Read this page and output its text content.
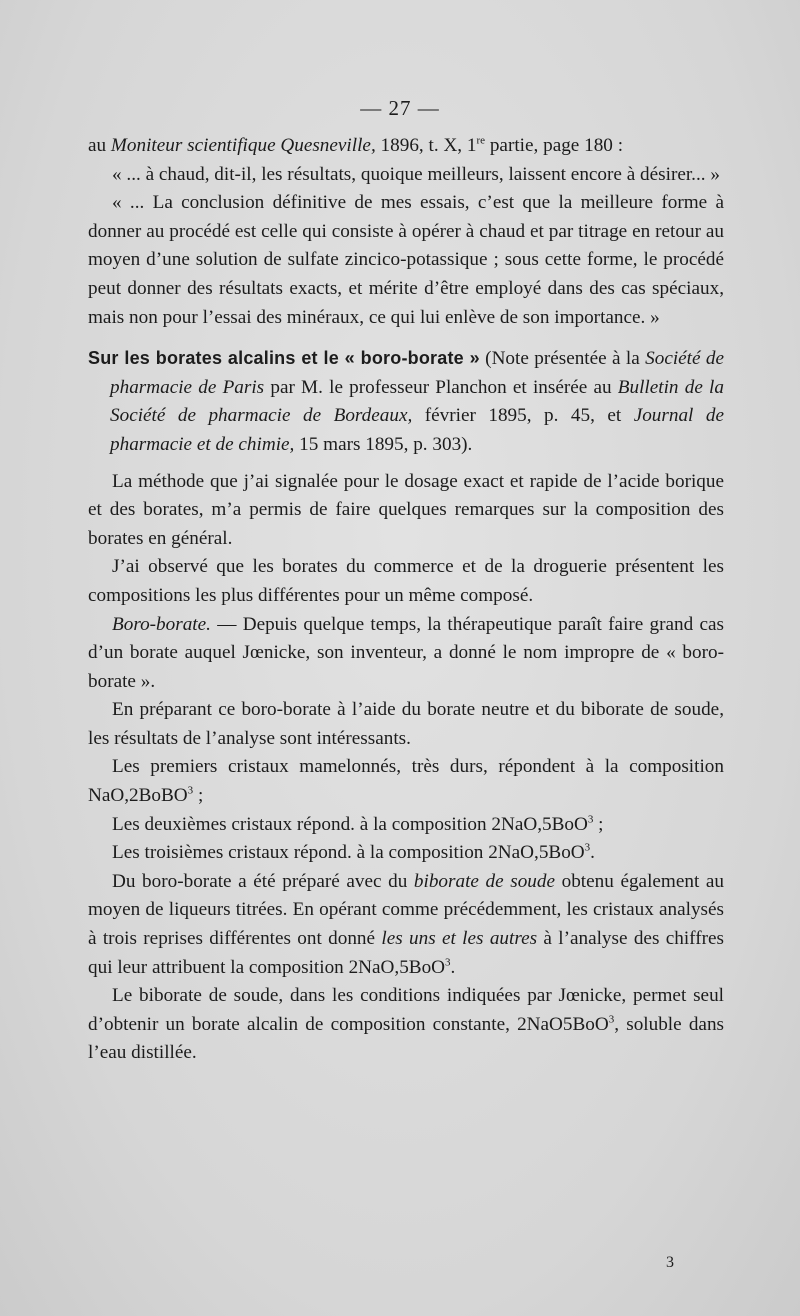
— 27 —

au Moniteur scientifique Quesneville, 1896, t. X, 1re partie, page 180 :

« ... à chaud, dit-il, les résultats, quoique meilleurs, laissent encore à désirer... »

« ... La conclusion définitive de mes essais, c’est que la meilleure forme à donner au procédé est celle qui consiste à opérer à chaud et par titrage en retour au moyen d’une solution de sulfate zincico-potassique ; sous cette forme, le procédé peut donner des résultats exacts, et mérite d’être employé dans des cas spéciaux, mais non pour l’essai des minéraux, ce qui lui enlève de son importance. »

Sur les borates alcalins et le « boro-borate » (Note présentée à la Société de pharmacie de Paris par M. le professeur Planchon et insérée au Bulletin de la Société de pharmacie de Bordeaux, février 1895, p. 45, et Journal de pharmacie et de chimie, 15 mars 1895, p. 303).

La méthode que j’ai signalée pour le dosage exact et rapide de l’acide borique et des borates, m’a permis de faire quelques remarques sur la composition des borates en général.

J’ai observé que les borates du commerce et de la droguerie présentent les compositions les plus différentes pour un même composé.

Boro-borate. — Depuis quelque temps, la thérapeutique paraît faire grand cas d’un borate auquel Jœnicke, son inventeur, a donné le nom impropre de « boro-borate ».

En préparant ce boro-borate à l’aide du borate neutre et du biborate de soude, les résultats de l’analyse sont intéressants.

Les premiers cristaux mamelonnés, très durs, répondent à la composition NaO,2BoBO$^3$ ;

Les deuxièmes cristaux répond. à la composition 2NaO,5BoO$^3$ ;

Les troisièmes cristaux répond. à la composition 2NaO,5BoO$^3$.

Du boro-borate a été préparé avec du biborate de soude obtenu également au moyen de liqueurs titrées. En opérant comme précédemment, les cristaux analysés à trois reprises différentes ont donné les uns et les autres à l’analyse des chiffres qui leur attribuent la composition 2NaO,5BoO$^3$.

Le biborate de soude, dans les conditions indiquées par Jœnicke, permet seul d’obtenir un borate alcalin de composition constante, 2NaO5BoO$^3$, soluble dans l’eau distillée.

3
